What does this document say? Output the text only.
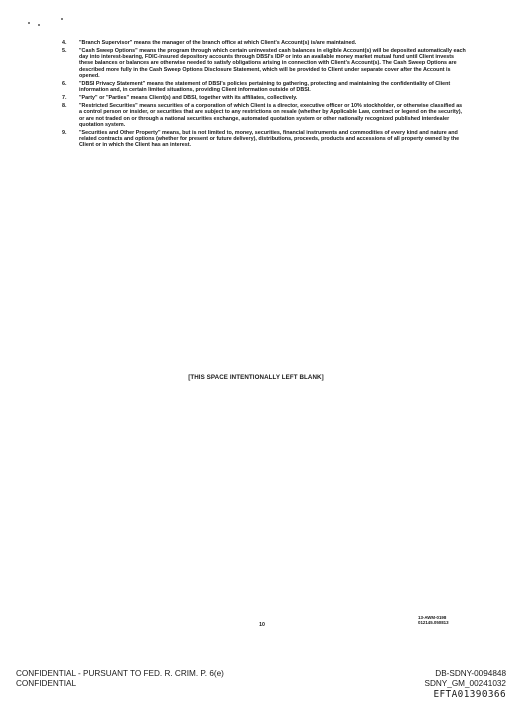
4.	"Branch Supervisor" means the manager of the branch office at which Client's Account(s) is/are maintained.
5.	"Cash Sweep Options" means the program through which certain uninvested cash balances in eligible Account(s) will be deposited automatically each day into interest-bearing, FDIC-insured depository accounts through DBSI's IDP or into an available money market mutual fund until Client invests these balances or balances are otherwise needed to satisfy obligations arising in connection with Client's Account(s). The Cash Sweep Options are described more fully in the Cash Sweep Options Disclosure Statement, which will be provided to Client under separate cover after the Account is opened.
6.	"DBSI Privacy Statement" means the statement of DBSI's policies pertaining to gathering, protecting and maintaining the confidentiality of Client information and, in certain limited situations, providing Client information outside of DBSI.
7.	"Party" or "Parties" means Client(s) and DBSI, together with its affiliates, collectively.
8.	"Restricted Securities" means securities of a corporation of which Client is a director, executive officer or 10% stockholder, or otherwise classified as a control person or insider, or securities that are subject to any restrictions on resale (whether by Applicable Law, contract or legend on the security), or are not traded on or through a national securities exchange, automated quotation system or other nationally recognized published interdealer quotation system.
9.	"Securities and Other Property" means, but is not limited to, money, securities, financial instruments and commodities of every kind and nature and related contracts and options (whether for present or future delivery), distributions, proceeds, products and accessions of all property owned by the Client or in which the Client has an interest.
[THIS SPACE INTENTIONALLY LEFT BLANK]
10
13-AWM-0198
012145.050813
CONFIDENTIAL - PURSUANT TO FED. R. CRIM. P. 6(e)
CONFIDENTIAL
DB-SDNY-0094848
SDNY_GM_00241032
EFTA01390366
